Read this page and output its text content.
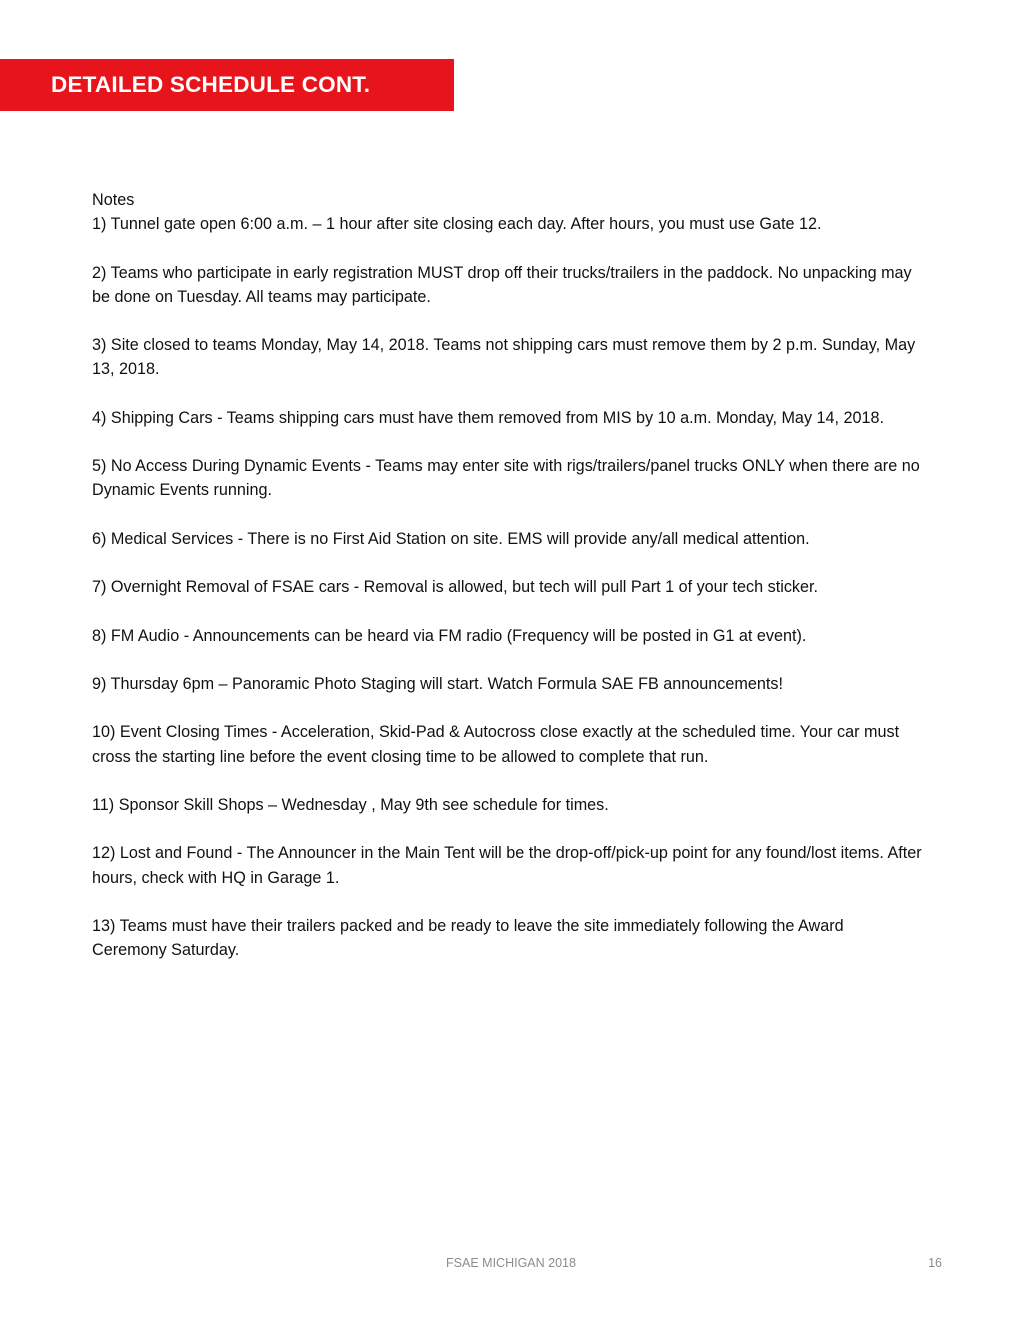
DETAILED SCHEDULE CONT.

Notes

1) Tunnel gate open 6:00 a.m. – 1 hour after site closing each day. After hours, you must use Gate 12.

2) Teams who participate in early registration MUST drop off their trucks/trailers in the paddock. No unpacking may be done on Tuesday. All teams may participate.

3) Site closed to teams Monday, May 14, 2018. Teams not shipping cars must remove them by 2 p.m. Sunday, May 13, 2018.

4) Shipping Cars - Teams shipping cars must have them removed from MIS by 10 a.m. Monday, May 14, 2018.

5) No Access During Dynamic Events - Teams may enter site with rigs/trailers/panel trucks ONLY when there are no Dynamic Events running.

6) Medical Services - There is no First Aid Station on site. EMS will provide any/all medical attention.

7) Overnight Removal of FSAE cars - Removal is allowed, but tech will pull Part 1 of your tech sticker.

8) FM Audio - Announcements can be heard via FM radio (Frequency will be posted in G1 at event).

9) Thursday 6pm – Panoramic Photo Staging will start. Watch Formula SAE FB announcements!

10) Event Closing Times - Acceleration, Skid-Pad & Autocross close exactly at the scheduled time. Your car must cross the starting line before the event closing time to be allowed to complete that run.

11) Sponsor Skill Shops – Wednesday , May 9th see schedule for times.

12) Lost and Found - The Announcer in the Main Tent will be the drop-off/pick-up point for any found/lost items. After hours, check with HQ in Garage 1.

13) Teams must have their trailers packed and be ready to leave the site immediately following the Award Ceremony Saturday.

FSAE MICHIGAN 2018	16
